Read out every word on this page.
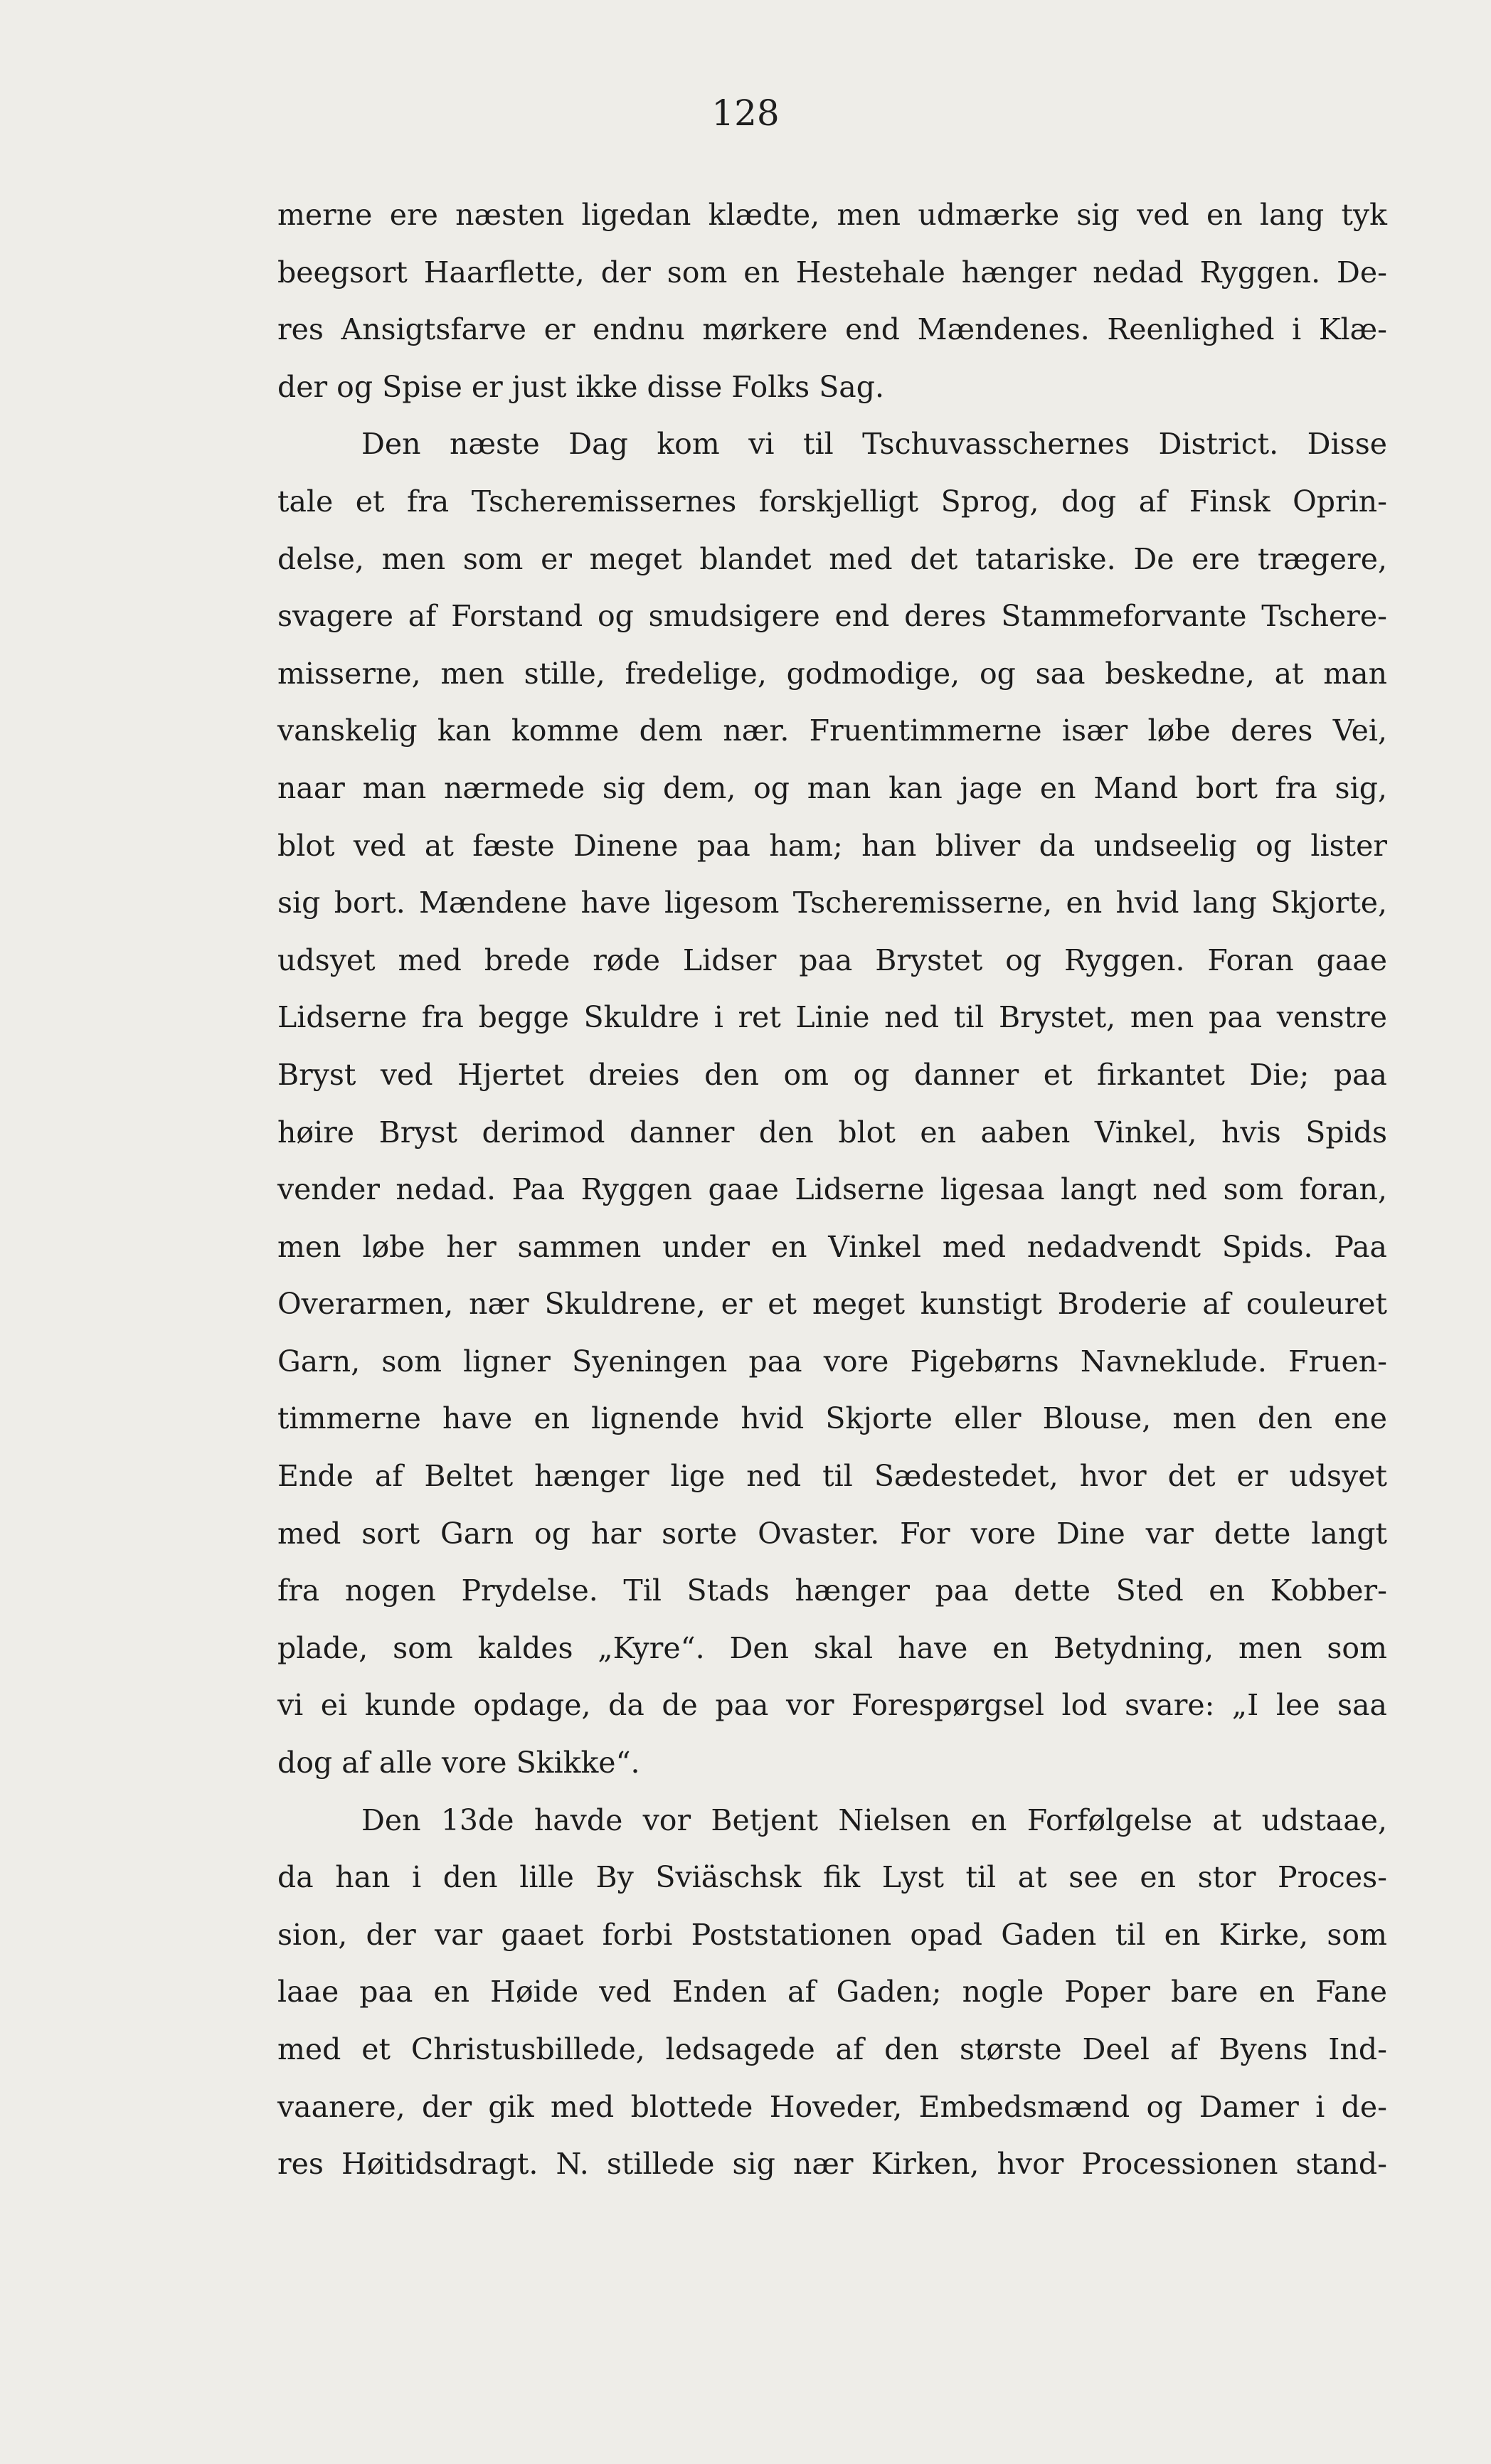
128
merne ere næsten ligedan klædte, men udmærke sig ved en lang tyk
beegsort Haarflette, der som en Hestehale hænger nedad Ryggen. De-
res Ansigtsfarve er endnu mørkere end Mændenes. Reenlighed i Klæ-
der og Spise er just ikke disse Folks Sag.
Den næste Dag kom vi til Tschuvasschernes District. Disse
tale et fra Tscheremissernes forskjelligt Sprog, dog af Finsk Oprin-
delse, men som er meget blandet med det tatariske. De ere trægere,
svagere af Forstand og smudsigere end deres Stammeforvante Tschere-
misserne, men stille, fredelige, godmodige, og saa beskedne, at man
vanskelig kan komme dem nær. Fruentimmerne især løbe deres Vei,
naar man nærmede sig dem, og man kan jage en Mand bort fra sig,
blot ved at fæste Dinene paa ham; han bliver da undseelig og lister
sig bort. Mændene have ligesom Tscheremisserne, en hvid lang Skjorte,
udsyet med brede røde Lidser paa Brystet og Ryggen. Foran gaae
Lidserne fra begge Skuldre i ret Linie ned til Brystet, men paa venstre
Bryst ved Hjertet dreies den om og danner et firkantet Die; paa
høire Bryst derimod danner den blot en aaben Vinkel, hvis Spids
vender nedad. Paa Ryggen gaae Lidserne ligesaa langt ned som foran,
men løbe her sammen under en Vinkel med nedadvendt Spids. Paa
Overarmen, nær Skuldrene, er et meget kunstigt Broderie af couleuret
Garn, som ligner Syeningen paa vore Pigebørns Navneklude. Fruen-
timmerne have en lignende hvid Skjorte eller Blouse, men den ene
Ende af Beltet hænger lige ned til Sædestedet, hvor det er udsyet
med sort Garn og har sorte Ovaster. For vore Dine var dette langt
fra nogen Prydelse. Til Stads hænger paa dette Sted en Kobber-
plade, som kaldes „Kyre“. Den skal have en Betydning, men som
vi ei kunde opdage, da de paa vor Forespørgsel lod svare: „I lee saa
dog af alle vore Skikke“.
Den 13de havde vor Betjent Nielsen en Forfølgelse at udstaae,
da han i den lille By Sviäschsk fik Lyst til at see en stor Proces-
sion, der var gaaet forbi Poststationen opad Gaden til en Kirke, som
laae paa en Høide ved Enden af Gaden; nogle Poper bare en Fane
med et Christusbillede, ledsagede af den største Deel af Byens Ind-
vaanere, der gik med blottede Hoveder, Embedsmænd og Damer i de-
res Høitidsdragt. N. stillede sig nær Kirken, hvor Processionen stand-
